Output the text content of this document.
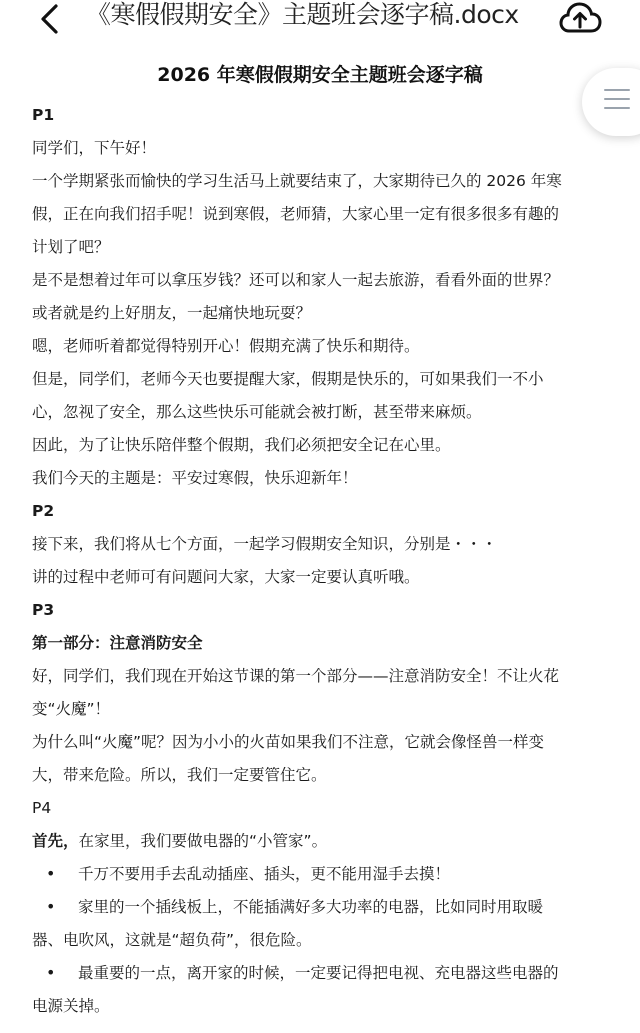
《寒假假期安全》主题班会逐字稿.docx
2026 年寒假假期安全主题班会逐字稿
P1
同学们，下午好！
一个学期紧张而愉快的学习生活马上就要结束了，大家期待已久的 2026 年寒
假，正在向我们招手呢！说到寒假，老师猜，大家心里一定有很多很多有趣的
计划了吧？
是不是想着过年可以拿压岁钱？还可以和家人一起去旅游，看看外面的世界？
或者就是约上好朋友，一起痛快地玩耍？
嗯，老师听着都觉得特别开心！假期充满了快乐和期待。
但是，同学们，老师今天也要提醒大家，假期是快乐的，可如果我们一不小
心，忽视了安全，那么这些快乐可能就会被打断，甚至带来麻烦。
因此，为了让快乐陪伴整个假期，我们必须把安全记在心里。
我们今天的主题是：平安过寒假，快乐迎新年！
P2
接下来，我们将从七个方面，一起学习假期安全知识，分别是・・・
讲的过程中老师可有问题问大家，大家一定要认真听哦。
P3
第一部分：注意消防安全
好，同学们，我们现在开始这节课的第一个部分——注意消防安全！不让火花
变“火魔”！
为什么叫“火魔”呢？因为小小的火苗如果我们不注意，它就会像怪兽一样变
大，带来危险。所以，我们一定要管住它。
P4
首先，在家里，我们要做电器的“小管家”。
• 千万不要用手去乱动插座、插头，更不能用湿手去摸！
• 家里的一个插线板上，不能插满好多大功率的电器，比如同时用取暖
器、电吹风，这就是“超负荷”，很危险。
• 最重要的一点，离开家的时候，一定要记得把电视、充电器这些电器的
电源关掉。
